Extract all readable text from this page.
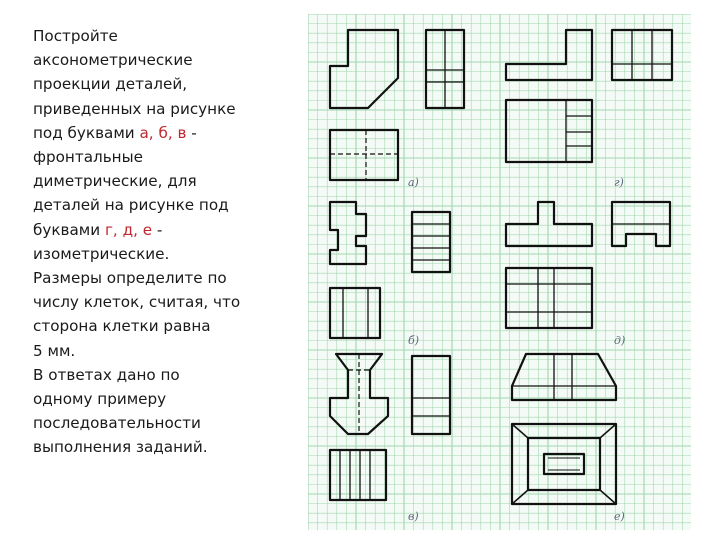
Постройте
аксонометрические
проекции деталей,
приведенных на рисунке
под буквами а, б, в -
фронтальные
диметрические, для
деталей на рисунке под
буквами г, д, е -
изометрические.
Размеры определите по
числу клеток, считая, что
сторона клетки равна
5 мм.
В ответах дано по
одному примеру
последовательности
выполнения заданий.
а)	г)
б)	д)
в)	е)
